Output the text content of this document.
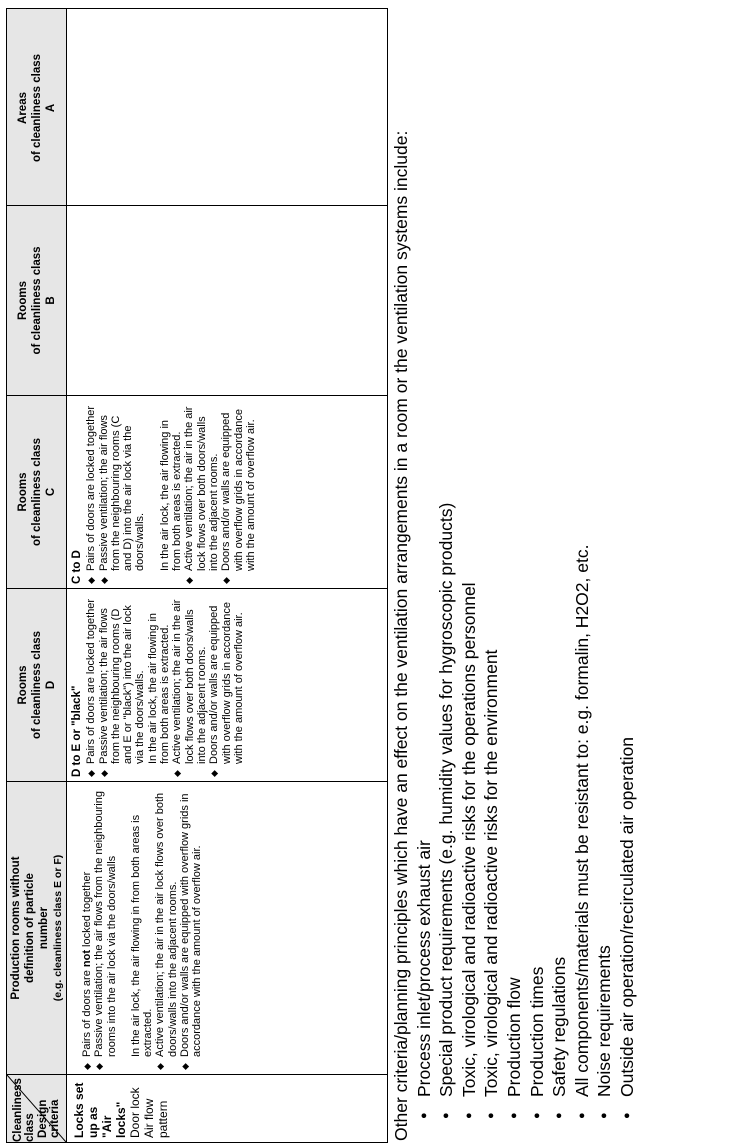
Cleanliness class Design criteria
Production rooms without definition of particle number (e.g. cleanliness class E or F)
Rooms of cleanliness class D
Rooms of cleanliness class C
Rooms of cleanliness class B
Areas of cleanliness class A
Locks set up as "Air locks" Door lock Air flow pattern
◆ Pairs of doors are not locked together ◆ Passive ventilation; the air flows from the neighbouring rooms into the air lock via the doors/walls In the air lock, the air flowing in from both areas is extracted. ◆ Active ventilation; the air in the air lock flows over both doors/walls into the adjacent rooms. ◆ Doors and/or walls are equipped with overflow grids in accordance with the amount of overflow air.
D to E or "black" ◆ Pairs of doors are locked together ◆ Passive ventilation; the air flows from the neighbouring rooms (D and E or "black") into the air lock via the doors/walls. In the air lock, the air flowing in from both areas is extracted. ◆ Active ventilation; the air in the air lock flows over both doors/walls into the adjacent rooms. ◆ Doors and/or walls are equipped with overflow grids in accordance with the amount of overflow air.
C to D ◆ Pairs of doors are locked together ◆ Passive ventilation; the air flows from the neighbouring rooms (C and D) into the air lock via the doors/walls. In the air lock, the air flowing in from both areas is extracted. ◆ Active ventilation; the air in the air lock flows over both doors/walls into the adjacent rooms. ◆ Doors and/or walls are equipped with overflow grids in accordance with the amount of overflow air.	Other criteria/planning principles which have an effect on the ventilation arrangements in a room or the ventilation systems include: ● Process inlet/process exhaust air ● Special product requirements (e.g. humidity values for hygroscopic products) ● Toxic, virological and radioactive risks for the operations personnel ● Toxic, virological and radioactive risks for the environment ● Production flow ● Production times ● Safety regulations ● All components/materials must be resistant to: e.g. formalin, H2O2, etc. ● Noise requirements ● Outside air operation/recirculated air operation
